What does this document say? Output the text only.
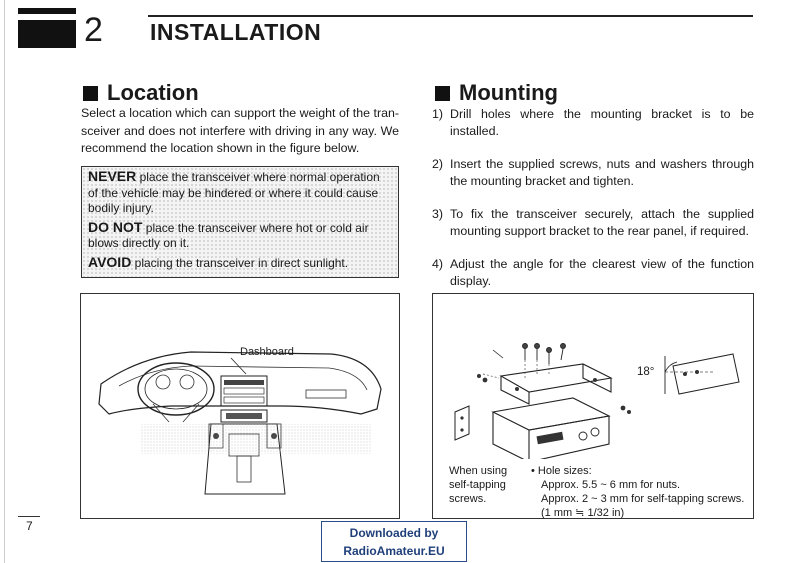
2 INSTALLATION
Location
Select a location which can support the weight of the transceiver and does not interfere with driving in any way. We recommend the location shown in the figure below.

NEVER place the transceiver where normal operation of the vehicle may be hindered or where it could cause bodily injury.

DO NOT place the transceiver where hot or cold air blows directly on it.

AVOID placing the transceiver in direct sunlight.

Dashboard
Mounting
1) Drill holes where the mounting bracket is to be installed.
2) Insert the supplied screws, nuts and washers through the mounting bracket and tighten.
3) To fix the transceiver securely, attach the supplied mounting support bracket to the rear panel, if required.
4) Adjust the angle for the clearest view of the function display.
18°
When using self-tapping screws.
• Hole sizes:
Approx. 5.5 ~ 6 mm for nuts.
Approx. 2 ~ 3 mm for self-tapping screws.
(1 mm ≒ 1/32 in)
7	Downloaded by
RadioAmateur.EU
